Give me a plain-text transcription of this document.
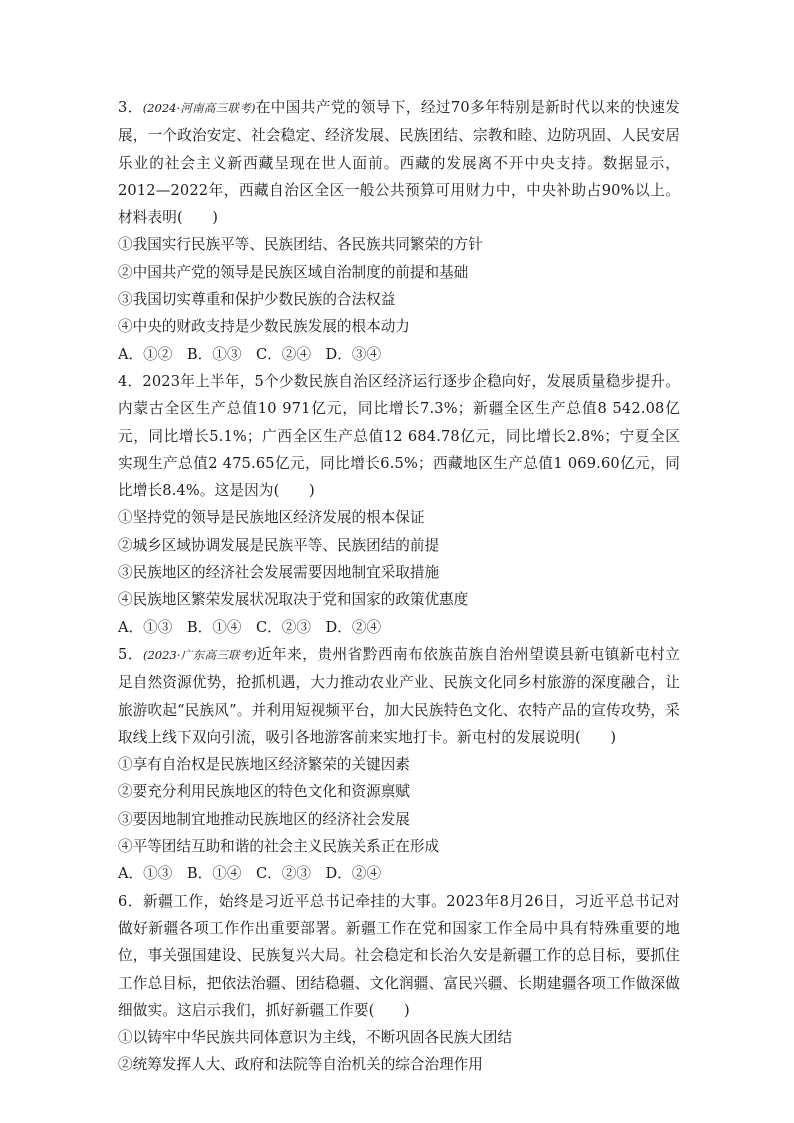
3．(2024·河南高三联考)在中国共产党的领导下，经过70多年特别是新时代以来的快速发展，一个政治安定、社会稳定、经济发展、民族团结、宗教和睦、边防巩固、人民安居乐业的社会主义新西藏呈现在世人面前。西藏的发展离不开中央支持。数据显示，2012—2022年，西藏自治区全区一般公共预算可用财力中，中央补助占90%以上。材料表明(　　)

①我国实行民族平等、民族团结、各民族共同繁荣的方针

②中国共产党的领导是民族区域自治制度的前提和基础

③我国切实尊重和保护少数民族的合法权益

④中央的财政支持是少数民族发展的根本动力

A．①②　B．①③　C．②④　D．③④

4．2023年上半年，5个少数民族自治区经济运行逐步企稳向好，发展质量稳步提升。内蒙古全区生产总值10 971亿元，同比增长7.3%；新疆全区生产总值8 542.08亿元，同比增长5.1%；广西全区生产总值12 684.78亿元，同比增长2.8%；宁夏全区实现生产总值2 475.65亿元，同比增长6.5%；西藏地区生产总值1 069.60亿元，同比增长8.4%。这是因为(　　)

①坚持党的领导是民族地区经济发展的根本保证

②城乡区域协调发展是民族平等、民族团结的前提

③民族地区的经济社会发展需要因地制宜采取措施

④民族地区繁荣发展状况取决于党和国家的政策优惠度

A．①③　B．①④　C．②③　D．②④

5．(2023·广东高三联考)近年来，贵州省黔西南布依族苗族自治州望谟县新屯镇新屯村立足自然资源优势，抢抓机遇，大力推动农业产业、民族文化同乡村旅游的深度融合，让旅游吹起“民族风”。并利用短视频平台，加大民族特色文化、农特产品的宣传攻势，采取线上线下双向引流，吸引各地游客前来实地打卡。新屯村的发展说明(　　)

①享有自治权是民族地区经济繁荣的关键因素

②要充分利用民族地区的特色文化和资源禀赋

③要因地制宜地推动民族地区的经济社会发展

④平等团结互助和谐的社会主义民族关系正在形成

A．①③　B．①④　C．②③　D．②④

6．新疆工作，始终是习近平总书记牵挂的大事。2023年8月26日，习近平总书记对做好新疆各项工作作出重要部署。新疆工作在党和国家工作全局中具有特殊重要的地位，事关强国建设、民族复兴大局。社会稳定和长治久安是新疆工作的总目标，要抓住工作总目标，把依法治疆、团结稳疆、文化润疆、富民兴疆、长期建疆各项工作做深做细做实。这启示我们，抓好新疆工作要(　　)

①以铸牢中华民族共同体意识为主线，不断巩固各民族大团结

②统筹发挥人大、政府和法院等自治机关的综合治理作用
